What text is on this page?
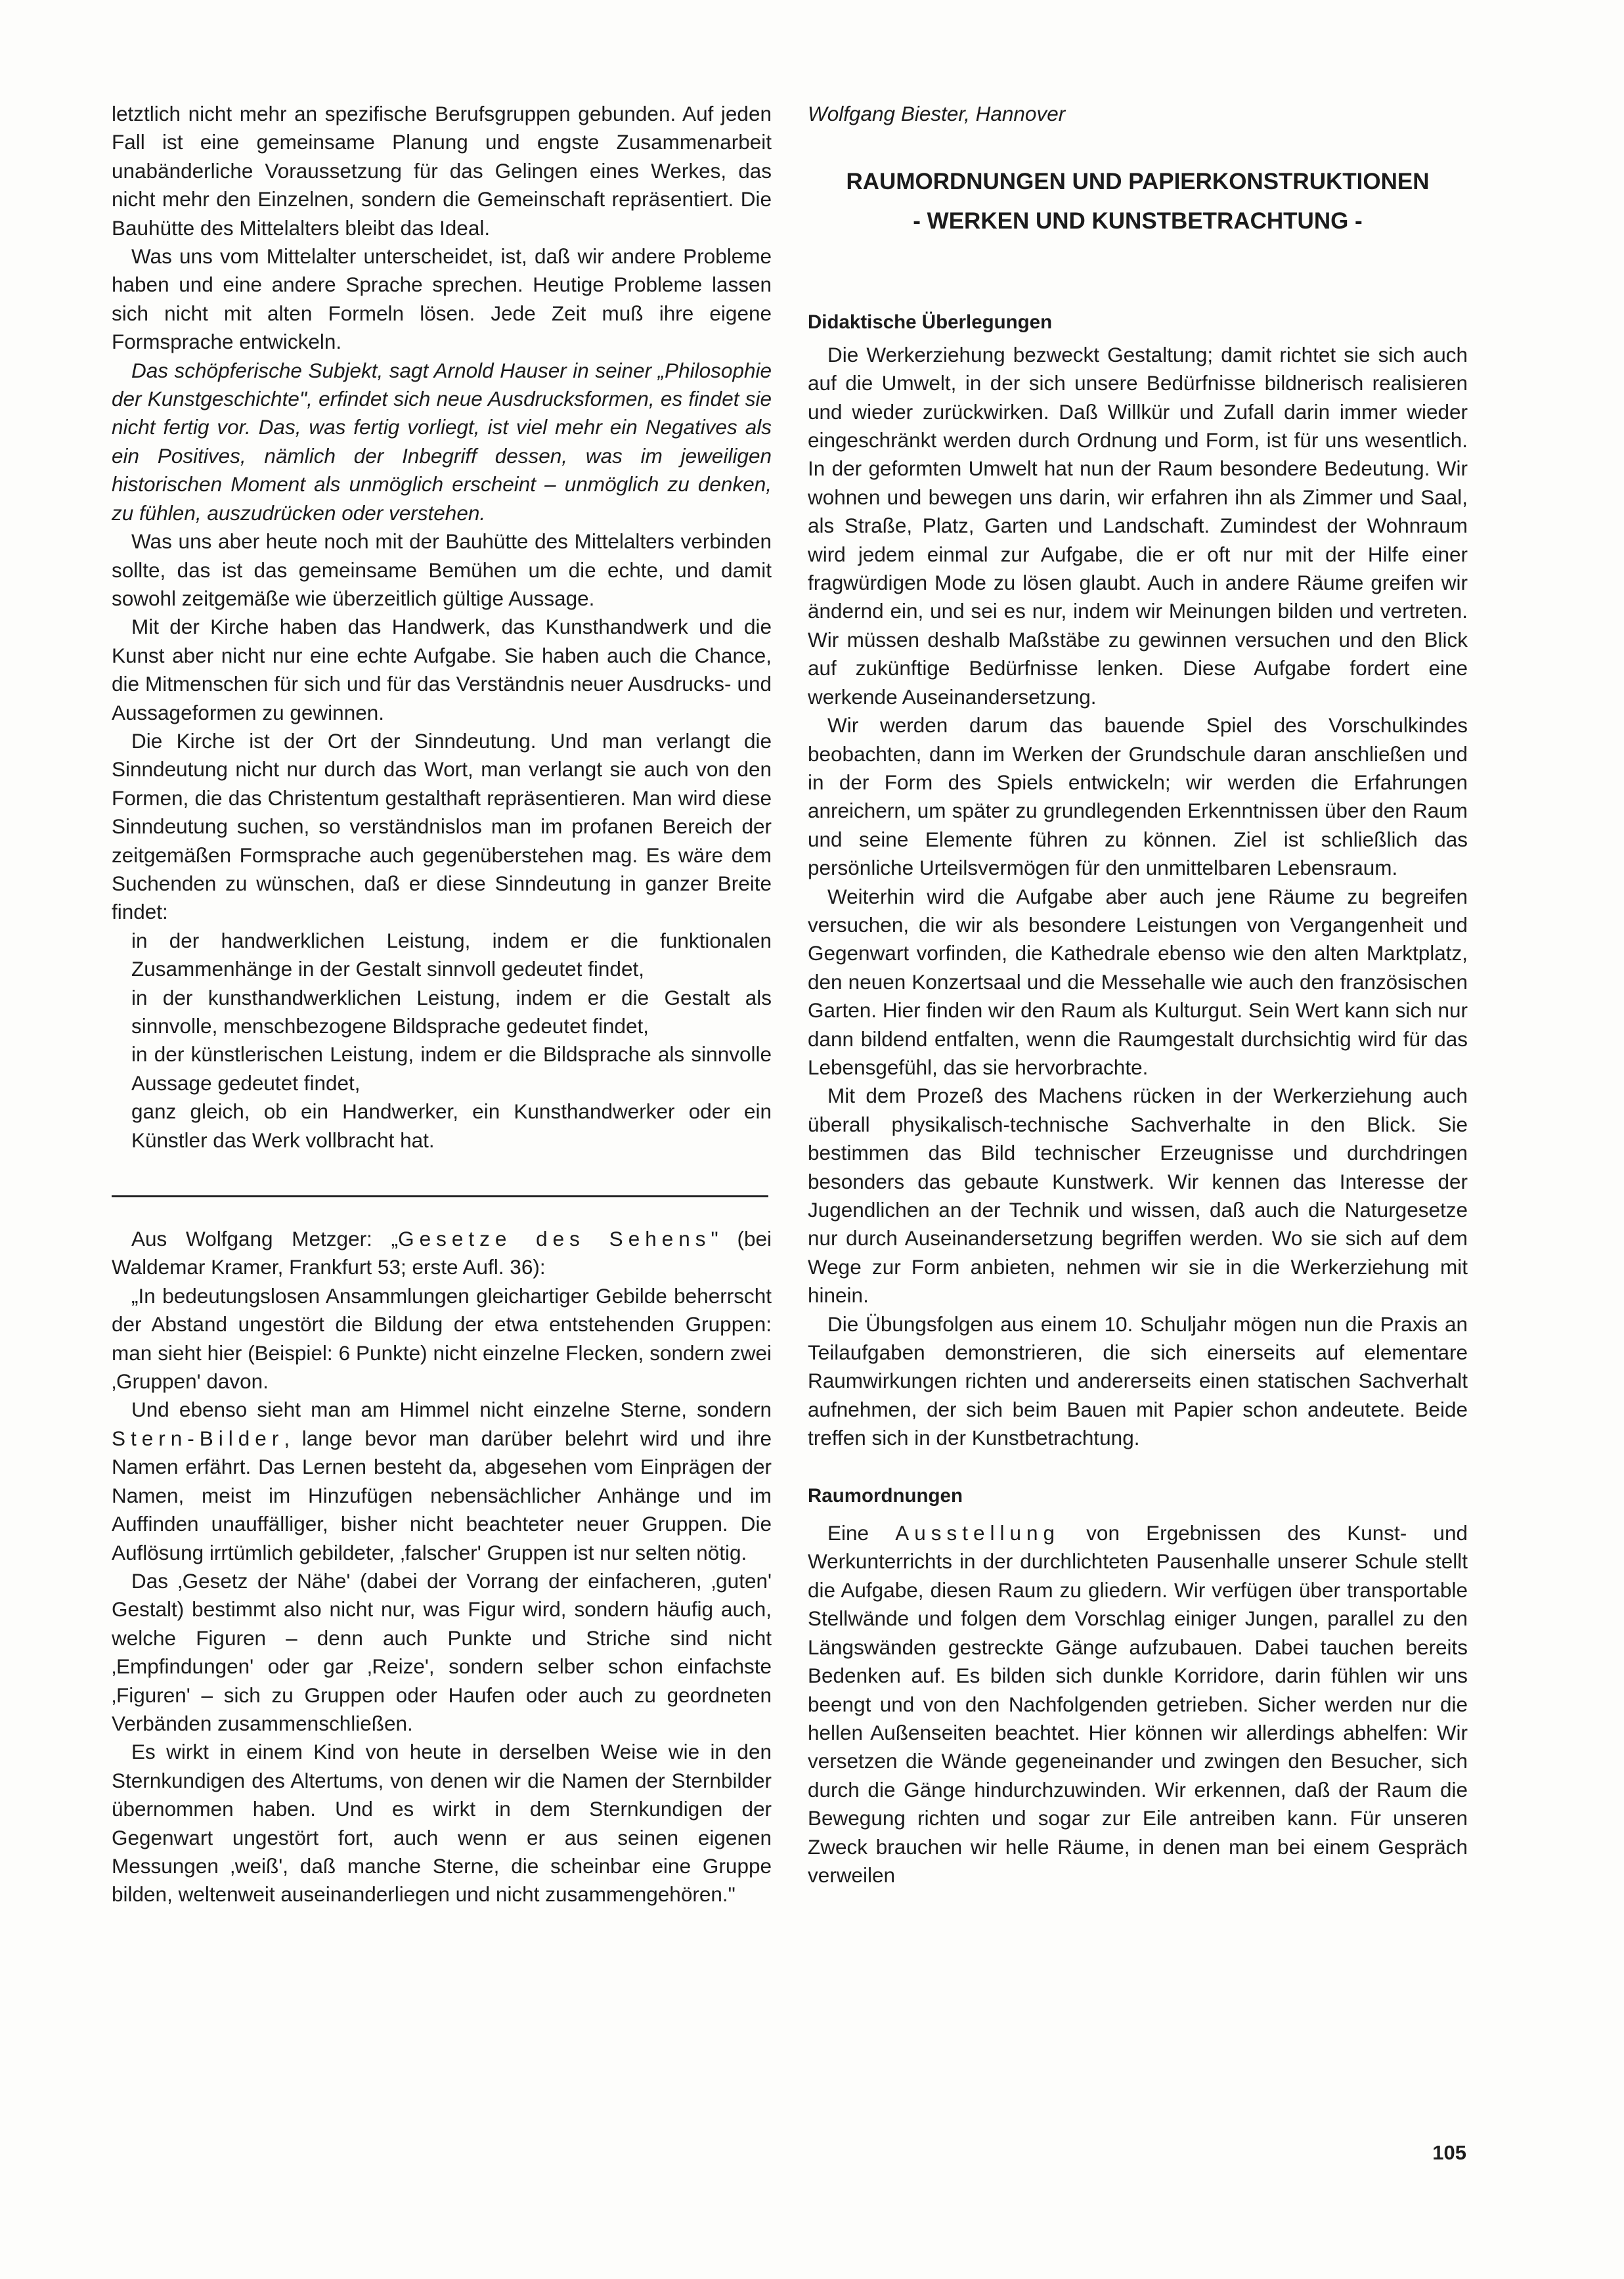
letztlich nicht mehr an spezifische Berufsgruppen gebunden. Auf jeden Fall ist eine gemeinsame Planung und engste Zusammenarbeit unabänderliche Voraussetzung für das Gelingen eines Werkes, das nicht mehr den Einzelnen, sondern die Gemeinschaft repräsentiert. Die Bauhütte des Mittelalters bleibt das Ideal.

Was uns vom Mittelalter unterscheidet, ist, daß wir andere Probleme haben und eine andere Sprache sprechen. Heutige Probleme lassen sich nicht mit alten Formeln lösen. Jede Zeit muß ihre eigene Formsprache entwickeln.

Das schöpferische Subjekt, sagt Arnold Hauser in seiner „Philosophie der Kunstgeschichte", erfindet sich neue Ausdrucksformen, es findet sie nicht fertig vor. Das, was fertig vorliegt, ist viel mehr ein Negatives als ein Positives, nämlich der Inbegriff dessen, was im jeweiligen historischen Moment als unmöglich erscheint – unmöglich zu denken, zu fühlen, auszudrücken oder verstehen.

Was uns aber heute noch mit der Bauhütte des Mittelalters verbinden sollte, das ist das gemeinsame Bemühen um die echte, und damit sowohl zeitgemäße wie überzeitlich gültige Aussage.

Mit der Kirche haben das Handwerk, das Kunsthandwerk und die Kunst aber nicht nur eine echte Aufgabe. Sie haben auch die Chance, die Mitmenschen für sich und für das Verständnis neuer Ausdrucks- und Aussageformen zu gewinnen.

Die Kirche ist der Ort der Sinndeutung. Und man verlangt die Sinndeutung nicht nur durch das Wort, man verlangt sie auch von den Formen, die das Christentum gestalthaft repräsentieren. Man wird diese Sinndeutung suchen, so verständnislos man im profanen Bereich der zeitgemäßen Formsprache auch gegenüberstehen mag. Es wäre dem Suchenden zu wünschen, daß er diese Sinndeutung in ganzer Breite findet:

in der handwerklichen Leistung, indem er die funktionalen Zusammenhänge in der Gestalt sinnvoll gedeutet findet,

in der kunsthandwerklichen Leistung, indem er die Gestalt als sinnvolle, menschbezogene Bildsprache gedeutet findet,

in der künstlerischen Leistung, indem er die Bildsprache als sinnvolle Aussage gedeutet findet,

ganz gleich, ob ein Handwerker, ein Kunsthandwerker oder ein Künstler das Werk vollbracht hat.

Aus Wolfgang Metzger: „Gesetze des Sehens" (bei Waldemar Kramer, Frankfurt 53; erste Aufl. 36):

„In bedeutungslosen Ansammlungen gleichartiger Gebilde beherrscht der Abstand ungestört die Bildung der etwa entstehenden Gruppen: man sieht hier (Beispiel: 6 Punkte) nicht einzelne Flecken, sondern zwei ‚Gruppen' davon.

Und ebenso sieht man am Himmel nicht einzelne Sterne, sondern Stern-Bilder, lange bevor man darüber belehrt wird und ihre Namen erfährt. Das Lernen besteht da, abgesehen vom Einprägen der Namen, meist im Hinzufügen nebensächlicher Anhänge und im Auffinden unauffälliger, bisher nicht beachteter neuer Gruppen. Die Auflösung irrtümlich gebildeter, ‚falscher' Gruppen ist nur selten nötig.

Das ‚Gesetz der Nähe' (dabei der Vorrang der einfacheren, ‚guten' Gestalt) bestimmt also nicht nur, was Figur wird, sondern häufig auch, welche Figuren – denn auch Punkte und Striche sind nicht ‚Empfindungen' oder gar ‚Reize', sondern selber schon einfachste ‚Figuren' – sich zu Gruppen oder Haufen oder auch zu geordneten Verbänden zusammenschließen.

Es wirkt in einem Kind von heute in derselben Weise wie in den Sternkundigen des Altertums, von denen wir die Namen der Sternbilder übernommen haben. Und es wirkt in dem Sternkundigen der Gegenwart ungestört fort, auch wenn er aus seinen eigenen Messungen ‚weiß', daß manche Sterne, die scheinbar eine Gruppe bilden, weltenweit auseinanderliegen und nicht zusammengehören."

Wolfgang Biester, Hannover
RAUMORDNUNGEN UND PAPIERKONSTRUKTIONEN
- WERKEN UND KUNSTBETRACHTUNG -
Didaktische Überlegungen

Die Werkerziehung bezweckt Gestaltung; damit richtet sie sich auch auf die Umwelt, in der sich unsere Bedürfnisse bildnerisch realisieren und wieder zurückwirken. Daß Willkür und Zufall darin immer wieder eingeschränkt werden durch Ordnung und Form, ist für uns wesentlich. In der geformten Umwelt hat nun der Raum besondere Bedeutung. Wir wohnen und bewegen uns darin, wir erfahren ihn als Zimmer und Saal, als Straße, Platz, Garten und Landschaft. Zumindest der Wohnraum wird jedem einmal zur Aufgabe, die er oft nur mit der Hilfe einer fragwürdigen Mode zu lösen glaubt. Auch in andere Räume greifen wir ändernd ein, und sei es nur, indem wir Meinungen bilden und vertreten. Wir müssen deshalb Maßstäbe zu gewinnen versuchen und den Blick auf zukünftige Bedürfnisse lenken. Diese Aufgabe fordert eine werkende Auseinandersetzung.

Wir werden darum das bauende Spiel des Vorschulkindes beobachten, dann im Werken der Grundschule daran anschließen und in der Form des Spiels entwickeln; wir werden die Erfahrungen anreichern, um später zu grundlegenden Erkenntnissen über den Raum und seine Elemente führen zu können. Ziel ist schließlich das persönliche Urteilsvermögen für den unmittelbaren Lebensraum.

Weiterhin wird die Aufgabe aber auch jene Räume zu begreifen versuchen, die wir als besondere Leistungen von Vergangenheit und Gegenwart vorfinden, die Kathedrale ebenso wie den alten Marktplatz, den neuen Konzertsaal und die Messehalle wie auch den französischen Garten. Hier finden wir den Raum als Kulturgut. Sein Wert kann sich nur dann bildend entfalten, wenn die Raumgestalt durchsichtig wird für das Lebensgefühl, das sie hervorbrachte.

Mit dem Prozeß des Machens rücken in der Werkerziehung auch überall physikalisch-technische Sachverhalte in den Blick. Sie bestimmen das Bild technischer Erzeugnisse und durchdringen besonders das gebaute Kunstwerk. Wir kennen das Interesse der Jugendlichen an der Technik und wissen, daß auch die Naturgesetze nur durch Auseinandersetzung begriffen werden. Wo sie sich auf dem Wege zur Form anbieten, nehmen wir sie in die Werkerziehung mit hinein.

Die Übungsfolgen aus einem 10. Schuljahr mögen nun die Praxis an Teilaufgaben demonstrieren, die sich einerseits auf elementare Raumwirkungen richten und andererseits einen statischen Sachverhalt aufnehmen, der sich beim Bauen mit Papier schon andeutete. Beide treffen sich in der Kunstbetrachtung.

Raumordnungen

Eine Ausstellung von Ergebnissen des Kunst- und Werkunterrichts in der durchlichteten Pausenhalle unserer Schule stellt die Aufgabe, diesen Raum zu gliedern. Wir verfügen über transportable Stellwände und folgen dem Vorschlag einiger Jungen, parallel zu den Längswänden gestreckte Gänge aufzubauen. Dabei tauchen bereits Bedenken auf. Es bilden sich dunkle Korridore, darin fühlen wir uns beengt und von den Nachfolgenden getrieben. Sicher werden nur die hellen Außenseiten beachtet. Hier können wir allerdings abhelfen: Wir versetzen die Wände gegeneinander und zwingen den Besucher, sich durch die Gänge hindurchzuwinden. Wir erkennen, daß der Raum die Bewegung richten und sogar zur Eile antreiben kann. Für unseren Zweck brauchen wir helle Räume, in denen man bei einem Gespräch verweilen

105
